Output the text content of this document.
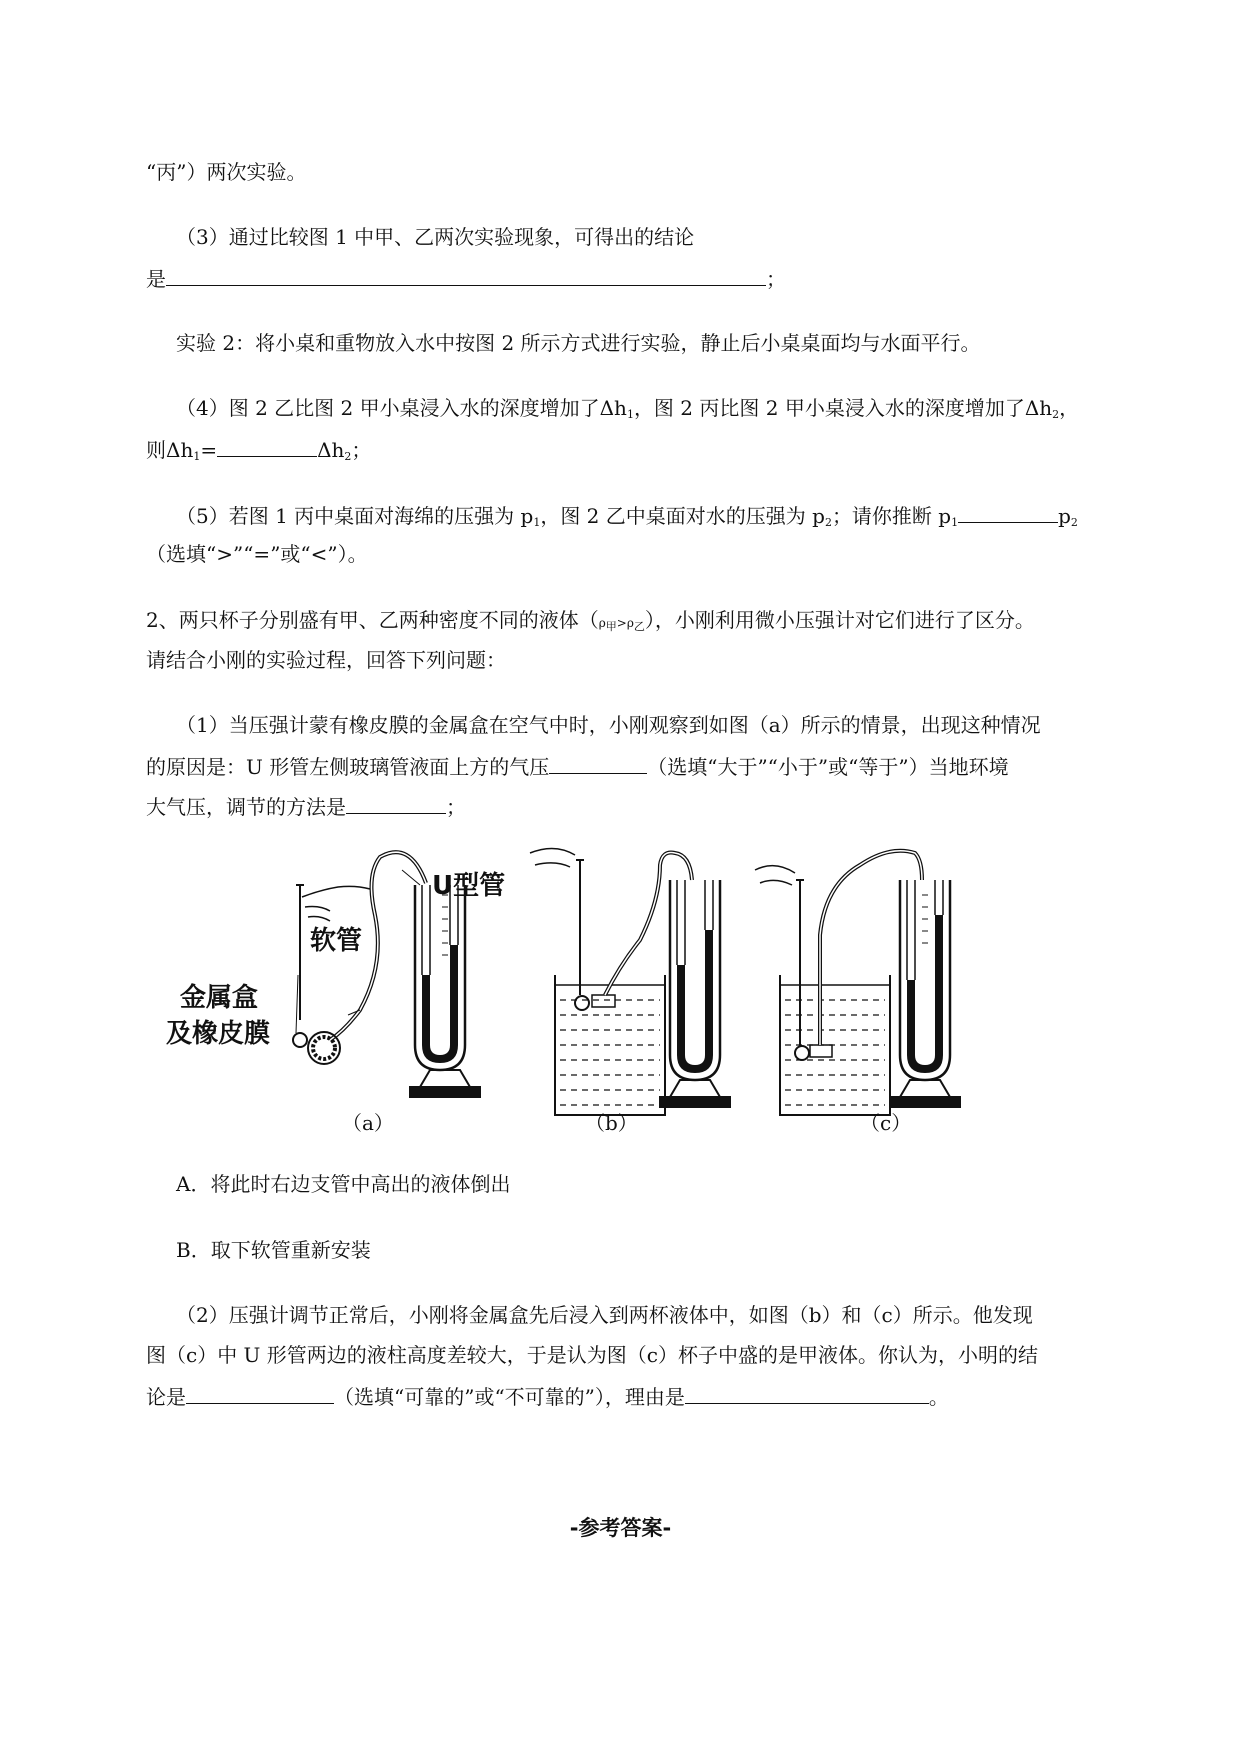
“丙”）两次实验。
（3）通过比较图 1 中甲、乙两次实验现象，可得出的结论
是	；
实验 2：将小桌和重物放入水中按图 2 所示方式进行实验，静止后小桌桌面均与水面平行。
（4）图 2 乙比图 2 甲小桌浸入水的深度增加了$\Delta h_1$，图 2 丙比图 2 甲小桌浸入水的深度增加了$\Delta h_2$，
则$\Delta h_1=$	$\Delta h_2$；
（5）若图 1 丙中桌面对海绵的压强为 $p_1$，图 2 乙中桌面对水的压强为 $p_2$；请你推断 $p_1$	$p_2$
（选填“>”“=”或“<”）。
2、两只杯子分别盛有甲、乙两种密度不同的液体$(\rho_甲>\rho_乙)$，小刚利用微小压强计对它们进行了区分。
请结合小刚的实验过程，回答下列问题：
（1）当压强计蒙有橡皮膜的金属盒在空气中时，小刚观察到如图（a）所示的情景，出现这种情况
的原因是：U 形管左侧玻璃管液面上方的气压	（选填“大于”“小于”或“等于”）当地环境
大气压，调节的方法是	；
金属盒
及橡皮膜
软管
U型管
（a）	（b）	（c）
A．将此时右边支管中高出的液体倒出
B．取下软管重新安装
（2）压强计调节正常后，小刚将金属盒先后浸入到两杯液体中，如图（b）和（c）所示。他发现
图（c）中 U 形管两边的液柱高度差较大，于是认为图（c）杯子中盛的是甲液体。你认为，小明的结
论是	（选填“可靠的”或“不可靠的”），理由是	。
-参考答案-
